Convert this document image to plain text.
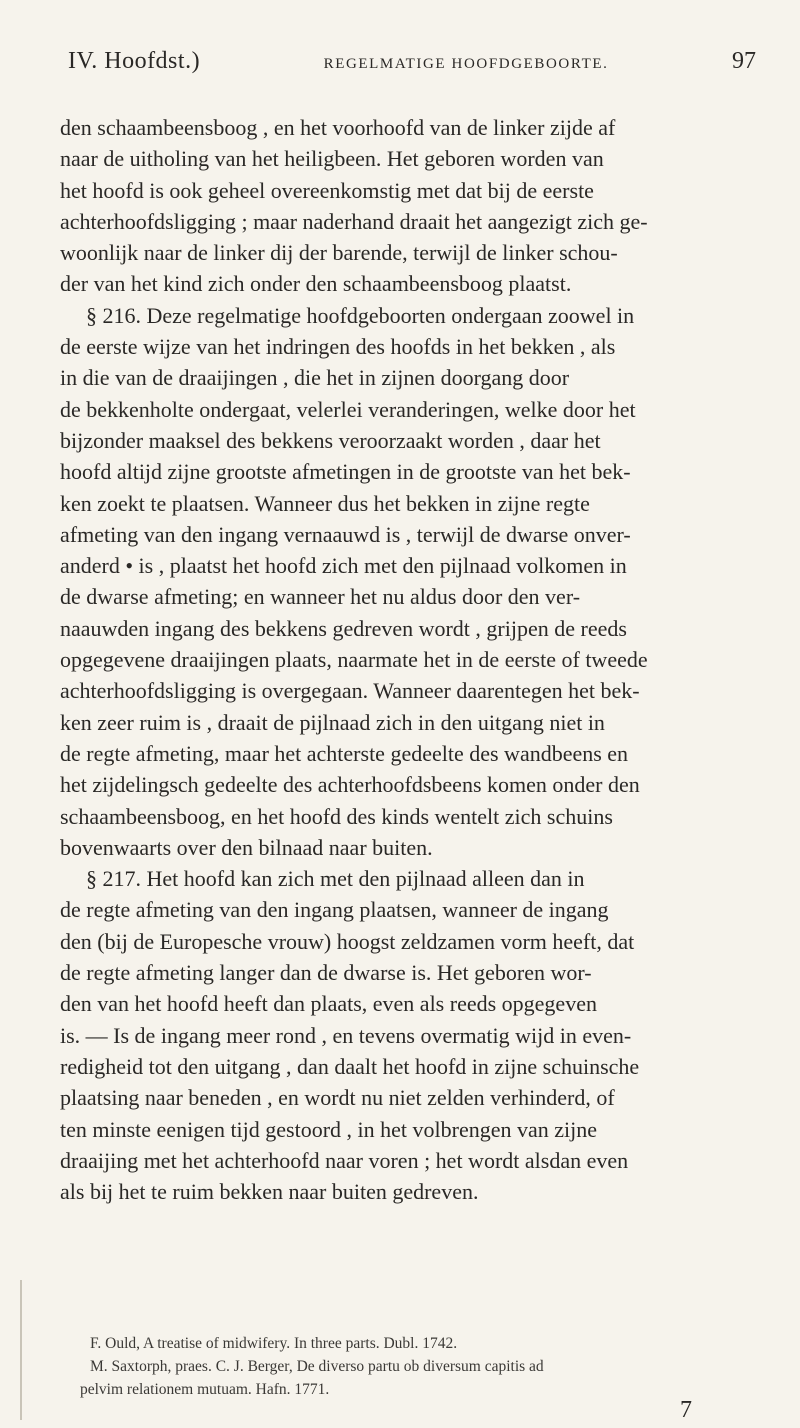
IV. Hoofdst.)	REGELMATIGE HOOFDGEBOORTE.	97
den schaambeensboog , en het voorhoofd van de linker zijde af
naar de uitholing van het heiligbeen. Het geboren worden van
het hoofd is ook geheel overeenkomstig met dat bij de eerste
achterhoofdsligging ; maar naderhand draait het aangezigt zich ge-
woonlijk naar de linker dij der barende, terwijl de linker schou-
der van het kind zich onder den schaambeensboog plaatst.
§ 216. Deze regelmatige hoofdgeboorten ondergaan zoowel in
de eerste wijze van het indringen des hoofds in het bekken , als
in die van de draaijingen , die het in zijnen doorgang door
de bekkenholte ondergaat, velerlei veranderingen, welke door het
bijzonder maaksel des bekkens veroorzaakt worden , daar het
hoofd altijd zijne grootste afmetingen in de grootste van het bek-
ken zoekt te plaatsen. Wanneer dus het bekken in zijne regte
afmeting van den ingang vernaauwd is , terwijl de dwarse onver-
anderd • is , plaatst het hoofd zich met den pijlnaad volkomen in
de dwarse afmeting; en wanneer het nu aldus door den ver-
naauwden ingang des bekkens gedreven wordt , grijpen de reeds
opgegevene draaijingen plaats, naarmate het in de eerste of tweede
achterhoofdsligging is overgegaan. Wanneer daarentegen het bek-
ken zeer ruim is , draait de pijlnaad zich in den uitgang niet in
de regte afmeting, maar het achterste gedeelte des wandbeens en
het zijdelingsch gedeelte des achterhoofdsbeens komen onder den
schaambeensboog, en het hoofd des kinds wentelt zich schuins
bovenwaarts over den bilnaad naar buiten.
§ 217. Het hoofd kan zich met den pijlnaad alleen dan in
de regte afmeting van den ingang plaatsen, wanneer de ingang
den (bij de Europesche vrouw) hoogst zeldzamen vorm heeft, dat
de regte afmeting langer dan de dwarse is. Het geboren wor-
den van het hoofd heeft dan plaats, even als reeds opgegeven
is. — Is de ingang meer rond , en tevens overmatig wijd in even-
redigheid tot den uitgang , dan daalt het hoofd in zijne schuinsche
plaatsing naar beneden , en wordt nu niet zelden verhinderd, of
ten minste eenigen tijd gestoord , in het volbrengen van zijne
draaijing met het achterhoofd naar voren ; het wordt alsdan even
als bij het te ruim bekken naar buiten gedreven.
F. Ould, A treatise of midwifery. In three parts. Dubl. 1742.
M. Saxtorph, praes. C. J. Berger, De diverso partu ob diversum capitis ad
pelvim relationem mutuam. Hafn. 1771.
7
